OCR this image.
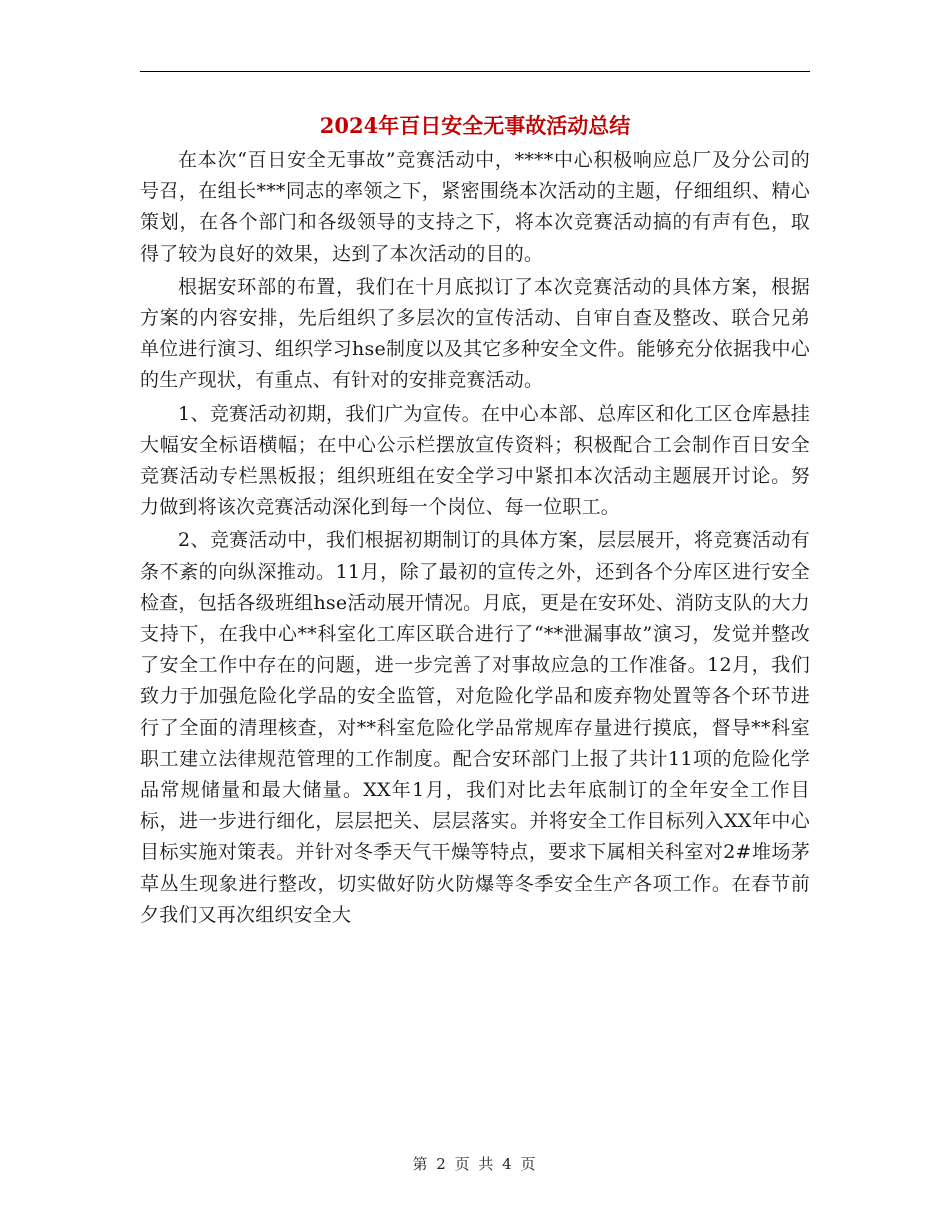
2024年百日安全无事故活动总结

在本次“百日安全无事故”竞赛活动中，****中心积极响应总厂及分公司的号召，在组长***同志的率领之下，紧密围绕本次活动的主题，仔细组织、精心策划，在各个部门和各级领导的支持之下，将本次竞赛活动搞的有声有色，取得了较为良好的效果，达到了本次活动的目的。

根据安环部的布置，我们在十月底拟订了本次竞赛活动的具体方案，根据方案的内容安排，先后组织了多层次的宣传活动、自审自查及整改、联合兄弟单位进行演习、组织学习hse制度以及其它多种安全文件。能够充分依据我中心的生产现状，有重点、有针对的安排竞赛活动。

1、竞赛活动初期，我们广为宣传。在中心本部、总库区和化工区仓库悬挂大幅安全标语横幅；在中心公示栏摆放宣传资料；积极配合工会制作百日安全竞赛活动专栏黑板报；组织班组在安全学习中紧扣本次活动主题展开讨论。努力做到将该次竞赛活动深化到每一个岗位、每一位职工。

2、竞赛活动中，我们根据初期制订的具体方案，层层展开，将竞赛活动有条不紊的向纵深推动。11月，除了最初的宣传之外，还到各个分库区进行安全检查，包括各级班组hse活动展开情况。月底，更是在安环处、消防支队的大力支持下，在我中心**科室化工库区联合进行了“**泄漏事故”演习，发觉并整改了安全工作中存在的问题，进一步完善了对事故应急的工作准备。12月，我们致力于加强危险化学品的安全监管，对危险化学品和废弃物处置等各个环节进行了全面的清理核查，对**科室危险化学品常规库存量进行摸底，督导**科室职工建立法律规范管理的工作制度。配合安环部门上报了共计11项的危险化学品常规储量和最大储量。XX年1月，我们对比去年底制订的全年安全工作目标，进一步进行细化，层层把关、层层落实。并将安全工作目标列入XX年中心目标实施对策表。并针对冬季天气干燥等特点，要求下属相关科室对2#堆场茅草丛生现象进行整改，切实做好防火防爆等冬季安全生产各项工作。在春节前夕我们又再次组织安全大

第 2 页 共 4 页
